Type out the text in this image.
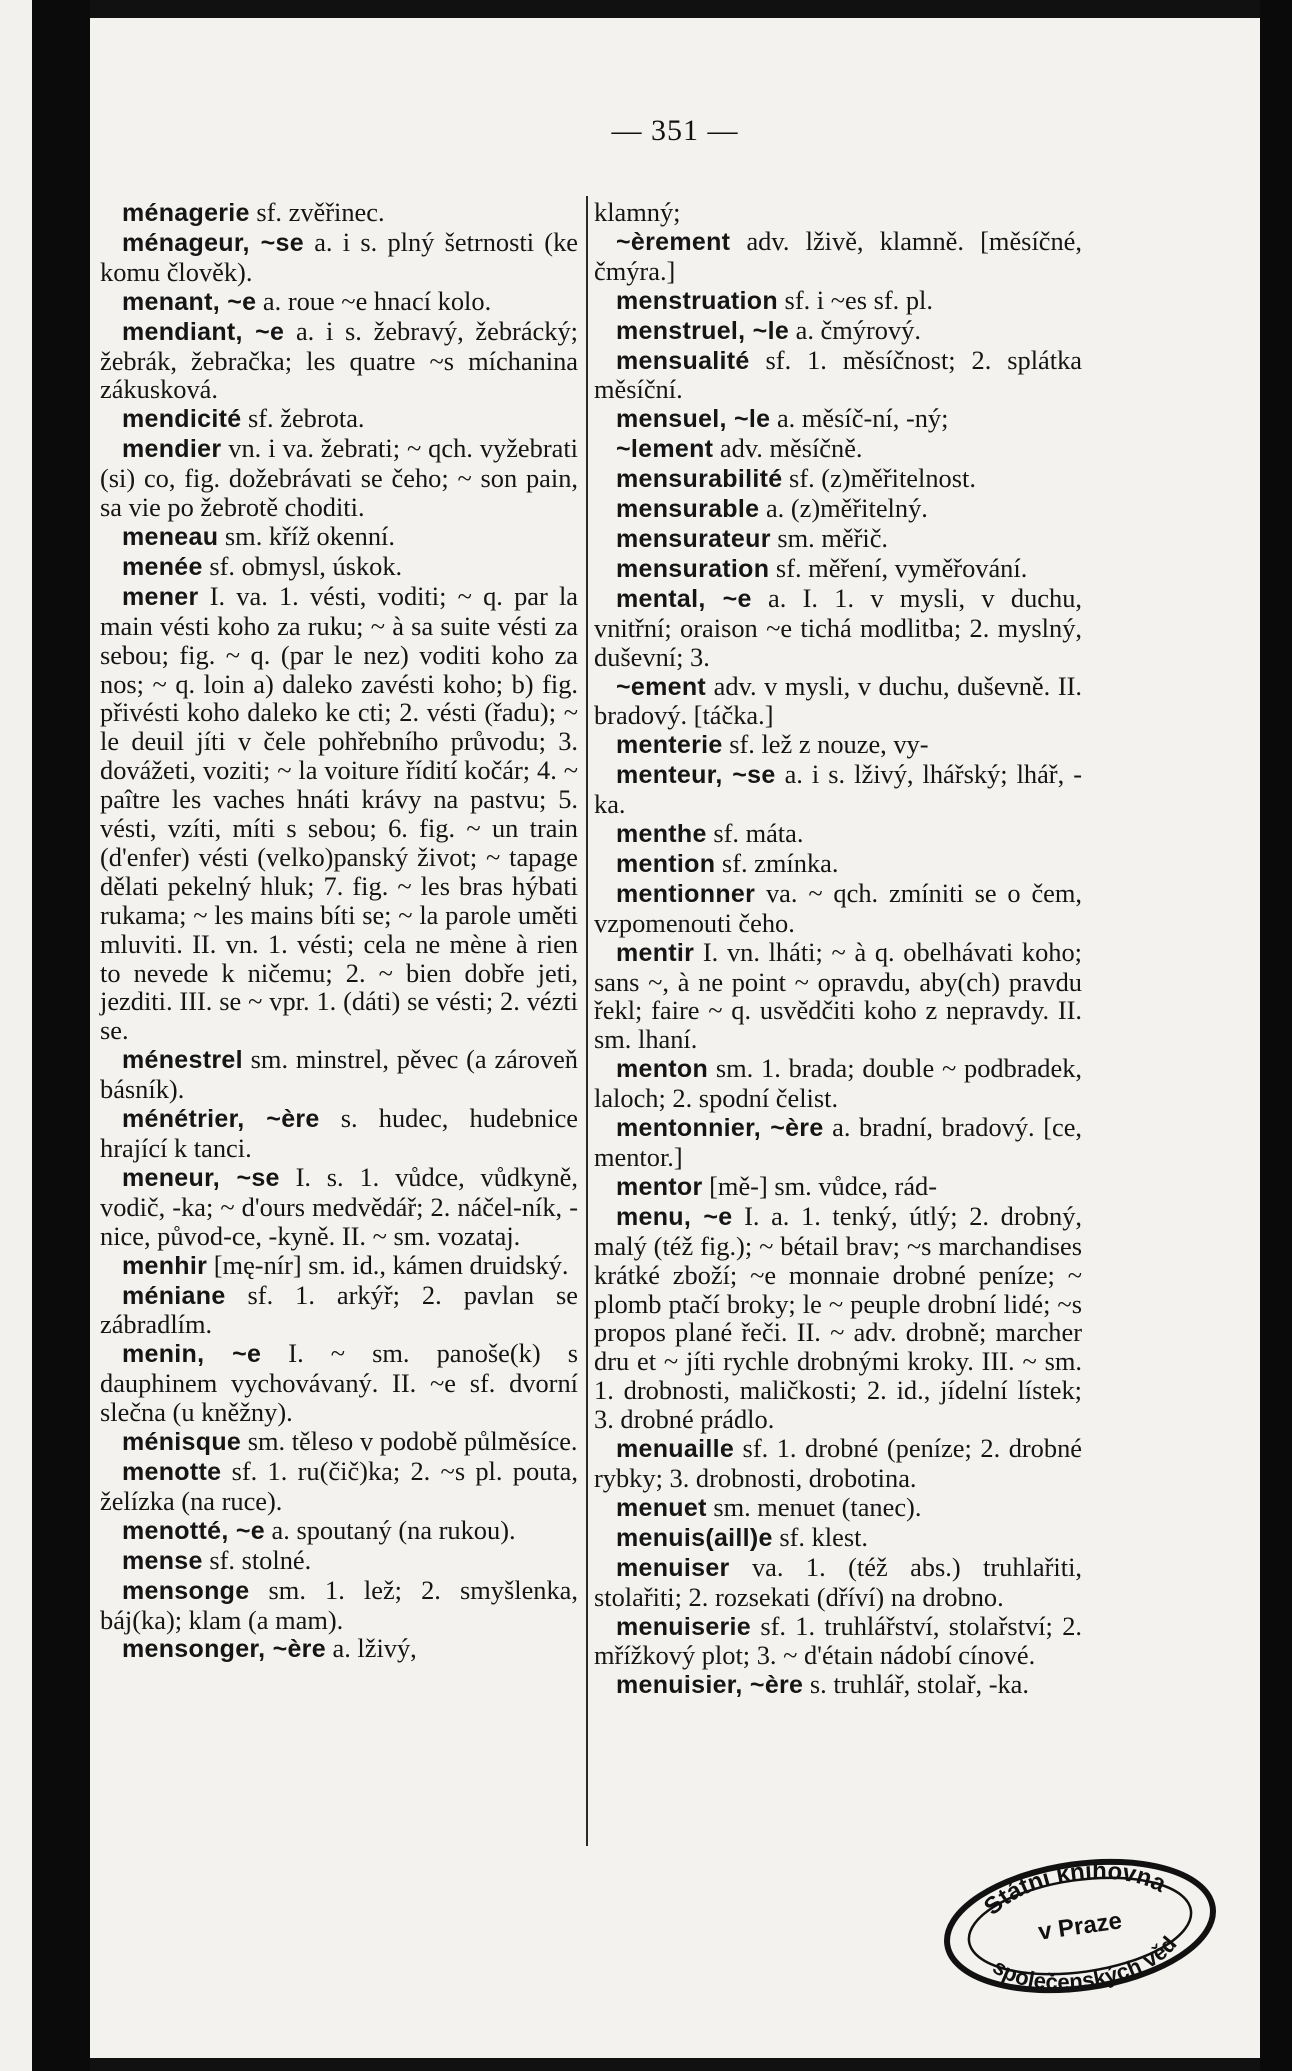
— 351 —

ménagerie sf. zvěřinec.

ménageur, ~se a. i s. plný šetrnosti (ke komu člověk).

menant, ~e a. roue ~e hnací kolo.

mendiant, ~e a. i s. žebravý, žebrácký; žebrák, žebračka; les quatre ~s míchanina zákusková.

mendicité sf. žebrota.

mendier vn. i va. žebrati; ~ qch. vyžebrati (si) co, fig. dožebrávati se čeho; ~ son pain, sa vie po žebrotě choditi.

meneau sm. kříž okenní.

menée sf. obmysl, úskok.

mener I. va. 1. vésti, voditi; ~ q. par la main vésti koho za ruku; ~ à sa suite vésti za sebou; fig. ~ q. (par le nez) voditi koho za nos; ~ q. loin a) daleko zavésti koho; b) fig. přivésti koho daleko ke cti; 2. vésti (řadu); ~ le deuil jíti v čele pohřebního průvodu; 3. dovážeti, voziti; ~ la voiture řídití kočár; 4. ~ paître les vaches hnáti krávy na pastvu; 5. vésti, vzíti, míti s sebou; 6. fig. ~ un train (d'enfer) vésti (velko)panský život; ~ tapage dělati pekelný hluk; 7. fig. ~ les bras hýbati rukama; ~ les mains bíti se; ~ la parole uměti mluviti. II. vn. 1. vésti; cela ne mène à rien to nevede k ničemu; 2. ~ bien dobře jeti, jezditi. III. se ~ vpr. 1. (dáti) se vésti; 2. vézti se.

ménestrel sm. minstrel, pěvec (a zároveň básník).

ménétrier, ~ère s. hudec, hudebnice hrající k tanci.

meneur, ~se I. s. 1. vůdce, vůdkyně, vodič, -ka; ~ d'ours medvědář; 2. náčel-ník, -nice, původ-ce, -kyně. II. ~ sm. vozataj.

menhir [mę-nír] sm. id., kámen druidský.

méniane sf. 1. arkýř; 2. pavlan se zábradlím.

menin, ~e I. ~ sm. panoše(k) s dauphinem vychovávaný. II. ~e sf. dvorní slečna (u kněžny).

ménisque sm. těleso v podobě půlměsíce.

menotte sf. 1. ru(čič)ka; 2. ~s pl. pouta, želízka (na ruce).

menotté, ~e a. spoutaný (na rukou).

mense sf. stolné.

mensonge sm. 1. lež; 2. smyšlenka, báj(ka); klam (a mam).

mensonger, ~ère a. lživý,

klamný;

~èrement adv. lživě, klamně. [měsíčné, čmýra.]

menstruation sf. i ~es sf. pl.

menstruel, ~le a. čmýrový.

mensualité sf. 1. měsíčnost; 2. splátka měsíční.

mensuel, ~le a. měsíč-ní, -ný;

~lement adv. měsíčně.

mensurabilité sf. (z)měřitelnost.

mensurable a. (z)měřitelný.

mensurateur sm. měřič.

mensuration sf. měření, vyměřování.

mental, ~e a. I. 1. v mysli, v duchu, vnitřní; oraison ~e tichá modlitba; 2. myslný, duševní; 3.

~ement adv. v mysli, v duchu, duševně. II. bradový. [táčka.]

menterie sf. lež z nouze, vy-

menteur, ~se a. i s. lživý, lhářský; lhář, -ka.

menthe sf. máta.

mention sf. zmínka.

mentionner va. ~ qch. zmíniti se o čem, vzpomenouti čeho.

mentir I. vn. lháti; ~ à q. obelhávati koho; sans ~, à ne point ~ opravdu, aby(ch) pravdu řekl; faire ~ q. usvědčiti koho z nepravdy. II. sm. lhaní.

menton sm. 1. brada; double ~ podbradek, laloch; 2. spodní čelist.

mentonnier, ~ère a. bradní, bradový. [ce, mentor.]

mentor [mě-] sm. vůdce, rád-

menu, ~e I. a. 1. tenký, útlý; 2. drobný, malý (též fig.); ~ bétail brav; ~s marchandises krátké zboží; ~e monnaie drobné peníze; ~ plomb ptačí broky; le ~ peuple drobní lidé; ~s propos plané řeči. II. ~ adv. drobně; marcher dru et ~ jíti rychle drobnými kroky. III. ~ sm. 1. drobnosti, maličkosti; 2. id., jídelní lístek; 3. drobné prádlo.

menuaille sf. 1. drobné (peníze; 2. drobné rybky; 3. drobnosti, drobotina.

menuet sm. menuet (tanec).

menuis(aill)e sf. klest.

menuiser va. 1. (též abs.) truhlařiti, stolařiti; 2. rozsekati (dříví) na drobno.

menuiserie sf. 1. truhlářství, stolařství; 2. mřížkový plot; 3. ~ d'étain nádobí cínové.

menuisier, ~ère s. truhlář, stolař, -ka.

Státní knihovna
v Praze
společenských věd
